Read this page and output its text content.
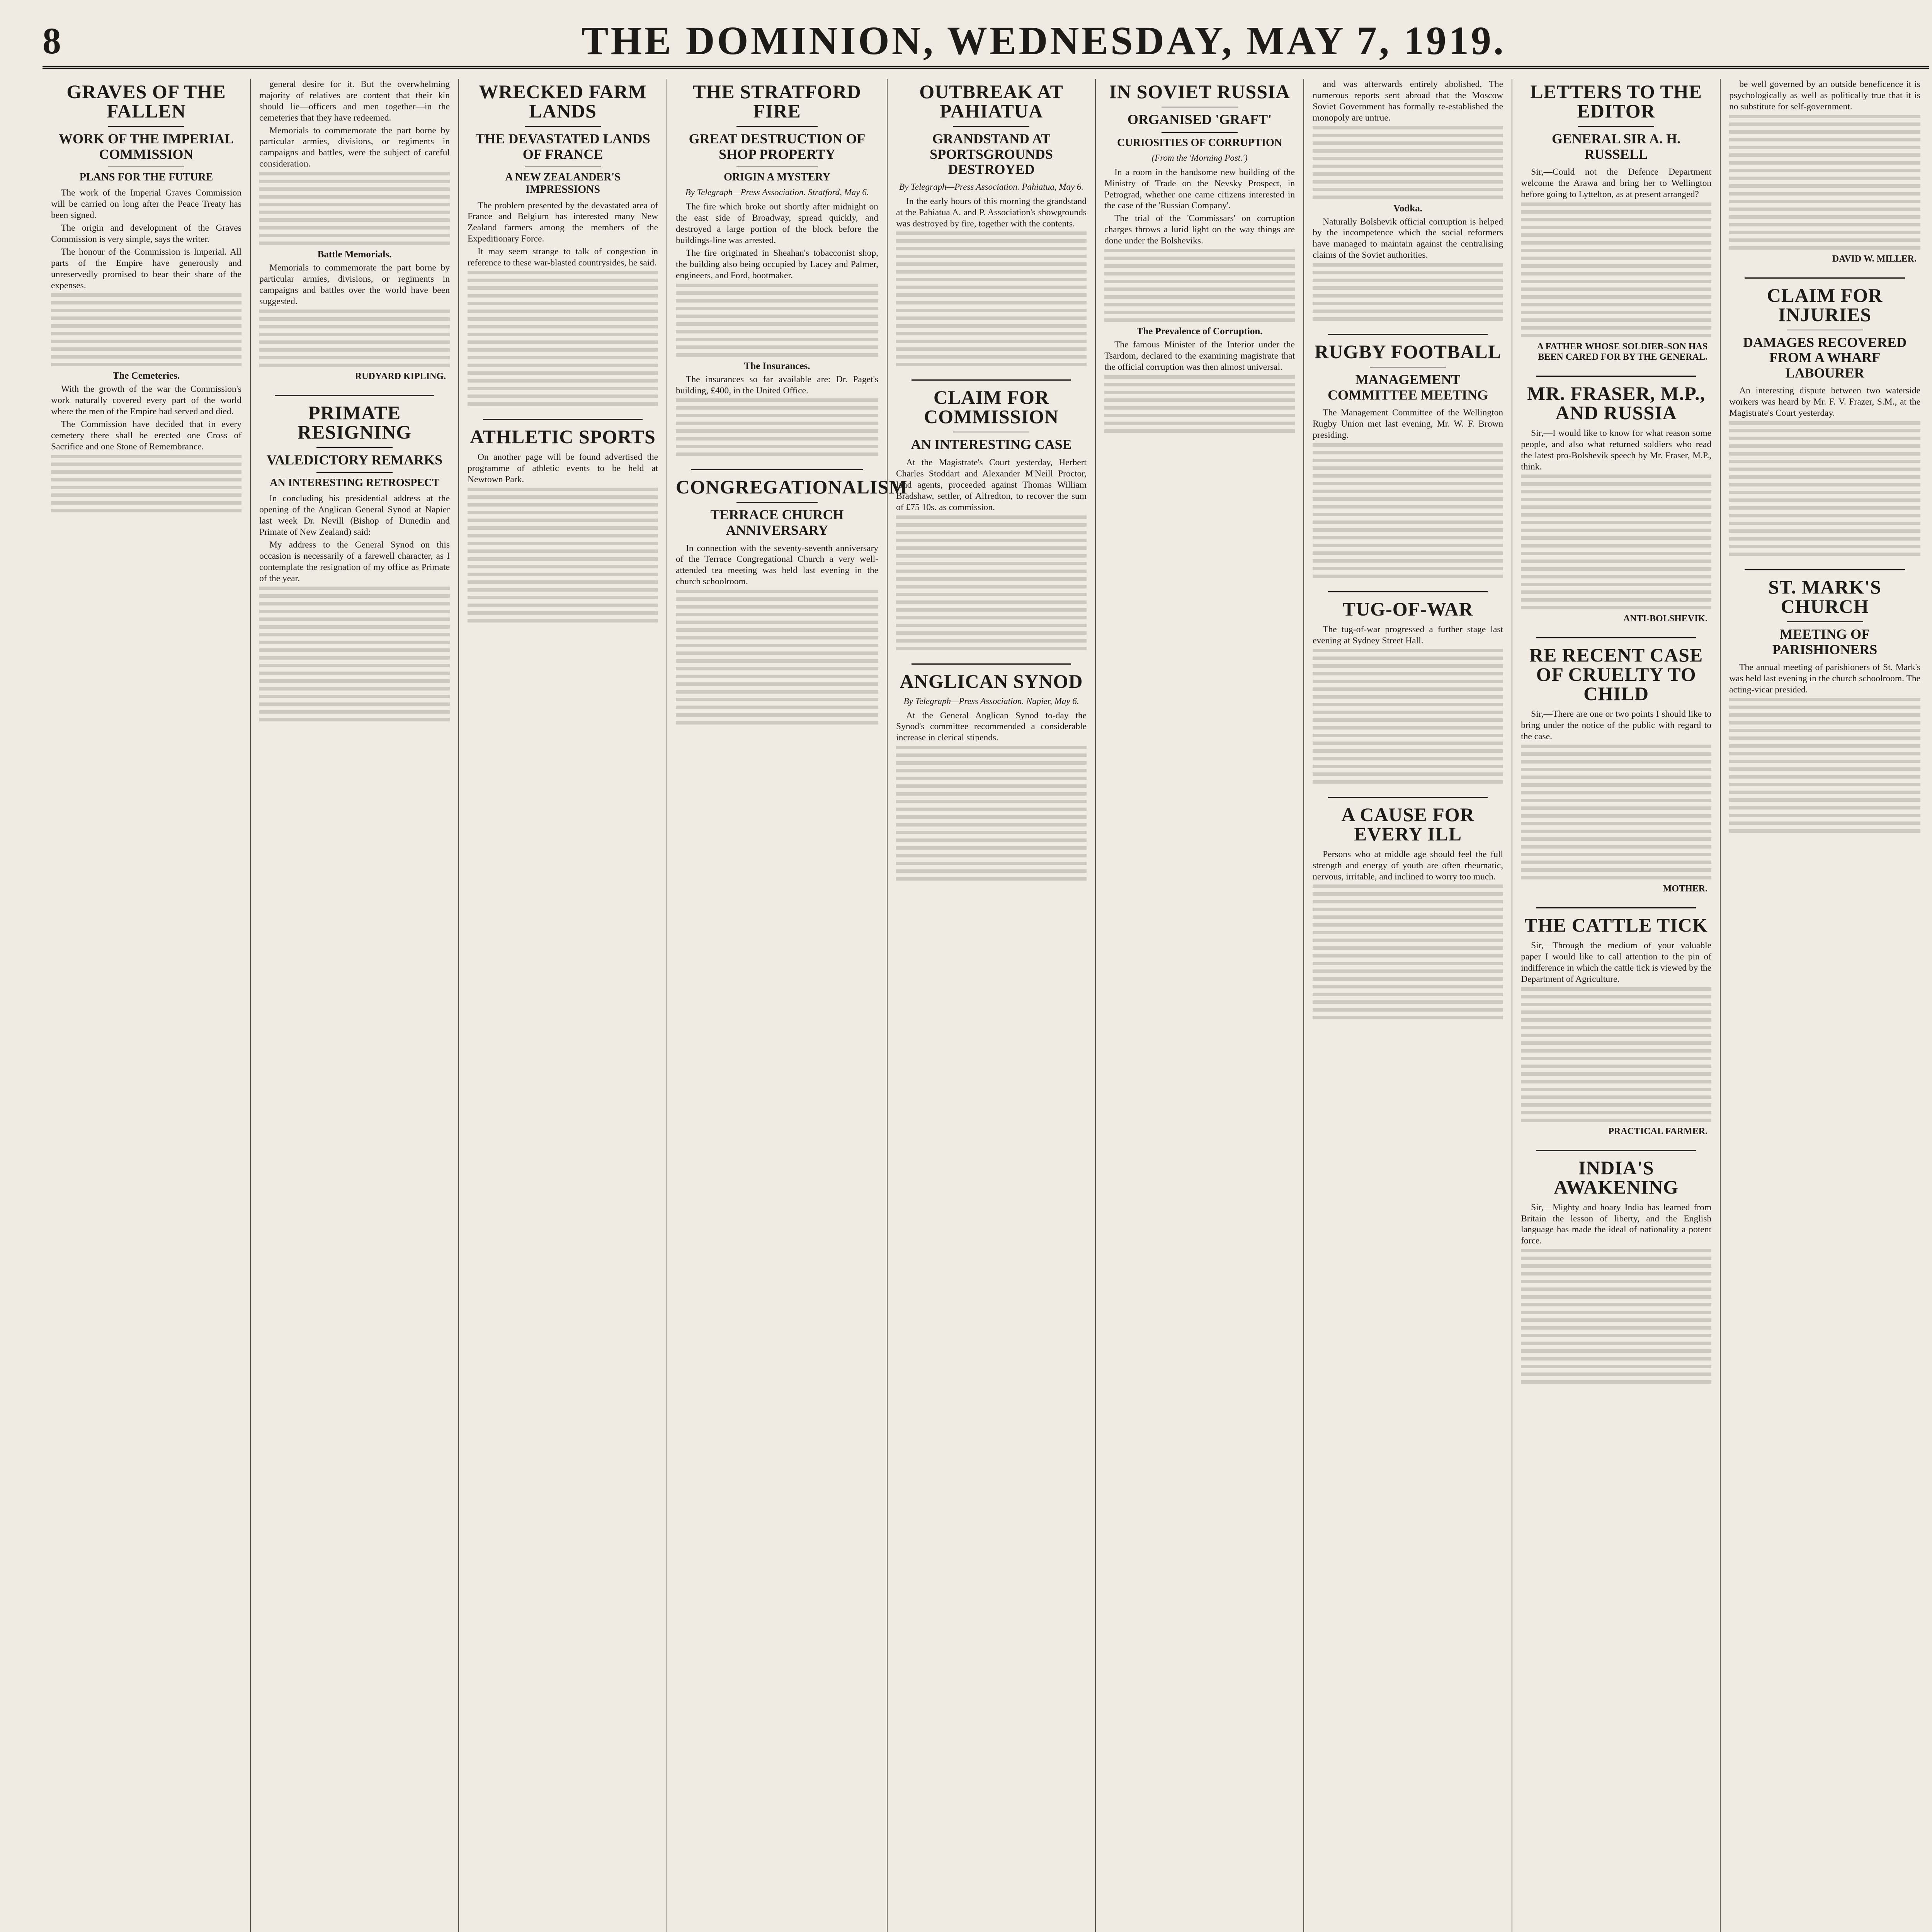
8	THE DOMINION, WEDNESDAY, MAY 7, 1919.
GRAVES OF THE FALLEN
WORK OF THE IMPERIAL COMMISSION
PLANS FOR THE FUTURE

The work of the Imperial Graves Commission will be carried on long after the Peace Treaty has been signed.

The origin and development of the Graves Commission is very simple, says the writer.

The honour of the Commission is Imperial. All parts of the Empire have generously and unreservedly promised to bear their share of the expenses.

The Cemeteries.

With the growth of the war the Commission's work naturally covered every part of the world where the men of the Empire had served and died.

The Commission have decided that in every cemetery there shall be erected one Cross of Sacrifice and one Stone of Remembrance.

general desire for it. But the overwhelming majority of relatives are content that their kin should lie—officers and men together—in the cemeteries that they have redeemed.

Memorials to commemorate the part borne by particular armies, divisions, or regiments in campaigns and battles, were the subject of careful consideration.

Battle Memorials.

Memorials to commemorate the part borne by particular armies, divisions, or regiments in campaigns and battles over the world have been suggested.

RUDYARD KIPLING.
PRIMATE RESIGNING
VALEDICTORY REMARKS
AN INTERESTING RETROSPECT

In concluding his presidential address at the opening of the Anglican General Synod at Napier last week Dr. Nevill (Bishop of Dunedin and Primate of New Zealand) said:

My address to the General Synod on this occasion is necessarily of a farewell character, as I contemplate the resignation of my office as Primate of the year.

WRECKED FARM LANDS
THE DEVASTATED LANDS OF FRANCE
A NEW ZEALANDER'S IMPRESSIONS

The problem presented by the devastated area of France and Belgium has interested many New Zealand farmers among the members of the Expeditionary Force.

It may seem strange to talk of congestion in reference to these war-blasted countrysides, he said.

ATHLETIC SPORTS

On another page will be found advertised the programme of athletic events to be held at Newtown Park.

THE STRATFORD FIRE
GREAT DESTRUCTION OF SHOP PROPERTY
ORIGIN A MYSTERY
By Telegraph—Press Association. Stratford, May 6.

The fire which broke out shortly after midnight on the east side of Broadway, spread quickly, and destroyed a large portion of the block before the buildings-line was arrested.

The fire originated in Sheahan's tobacconist shop, the building also being occupied by Lacey and Palmer, engineers, and Ford, bootmaker.

The Insurances.

The insurances so far available are: Dr. Paget's building, £400, in the United Office.

CONGREGATIONALISM
TERRACE CHURCH ANNIVERSARY

In connection with the seventy-seventh anniversary of the Terrace Congregational Church a very well-attended tea meeting was held last evening in the church schoolroom.

OUTBREAK AT PAHIATUA
GRANDSTAND AT SPORTSGROUNDS DESTROYED
By Telegraph—Press Association. Pahiatua, May 6.

In the early hours of this morning the grandstand at the Pahiatua A. and P. Association's showgrounds was destroyed by fire, together with the contents.

CLAIM FOR COMMISSION
AN INTERESTING CASE

At the Magistrate's Court yesterday, Herbert Charles Stoddart and Alexander M'Neill Proctor, land agents, proceeded against Thomas William Bradshaw, settler, of Alfredton, to recover the sum of £75 10s. as commission.

ANGLICAN SYNOD
By Telegraph—Press Association. Napier, May 6.

At the General Anglican Synod to-day the Synod's committee recommended a considerable increase in clerical stipends.

IN SOVIET RUSSIA
ORGANISED 'GRAFT'
CURIOSITIES OF CORRUPTION
(From the 'Morning Post.')

In a room in the handsome new building of the Ministry of Trade on the Nevsky Prospect, in Petrograd, whether one came citizens interested in the case of the 'Russian Company'.

The trial of the 'Commissars' on corruption charges throws a lurid light on the way things are done under the Bolsheviks.

The Prevalence of Corruption.

The famous Minister of the Interior under the Tsardom, declared to the examining magistrate that the official corruption was then almost universal.

and was afterwards entirely abolished. The numerous reports sent abroad that the Moscow Soviet Government has formally re-established the monopoly are untrue.

Vodka.

Naturally Bolshevik official corruption is helped by the incompetence which the social reformers have managed to maintain against the centralising claims of the Soviet authorities.

RUGBY FOOTBALL
MANAGEMENT COMMITTEE MEETING

The Management Committee of the Wellington Rugby Union met last evening, Mr. W. F. Brown presiding.

TUG-OF-WAR

The tug-of-war progressed a further stage last evening at Sydney Street Hall.

A CAUSE FOR EVERY ILL

Persons who at middle age should feel the full strength and energy of youth are often rheumatic, nervous, irritable, and inclined to worry too much.

LETTERS TO THE EDITOR
GENERAL SIR A. H. RUSSELL

Sir,—Could not the Defence Department welcome the Arawa and bring her to Wellington before going to Lyttelton, as at present arranged?

A FATHER WHOSE SOLDIER-SON HAS BEEN CARED FOR BY THE GENERAL.
MR. FRASER, M.P., AND RUSSIA

Sir,—I would like to know for what reason some people, and also what returned soldiers who read the latest pro-Bolshevik speech by Mr. Fraser, M.P., think.

ANTI-BOLSHEVIK.
RE RECENT CASE OF CRUELTY TO CHILD

Sir,—There are one or two points I should like to bring under the notice of the public with regard to the case.

MOTHER.
THE CATTLE TICK

Sir,—Through the medium of your valuable paper I would like to call attention to the pin of indifference in which the cattle tick is viewed by the Department of Agriculture.

PRACTICAL FARMER.
INDIA'S AWAKENING

Sir,—Mighty and hoary India has learned from Britain the lesson of liberty, and the English language has made the ideal of nationality a potent force.

be well governed by an outside beneficence it is psychologically as well as politically true that it is no substitute for self-government.

DAVID W. MILLER.
CLAIM FOR INJURIES
DAMAGES RECOVERED FROM A WHARF LABOURER

An interesting dispute between two waterside workers was heard by Mr. F. V. Frazer, S.M., at the Magistrate's Court yesterday.

ST. MARK'S CHURCH
MEETING OF PARISHIONERS

The annual meeting of parishioners of St. Mark's was held last evening in the church schoolroom. The acting-vicar presided.
